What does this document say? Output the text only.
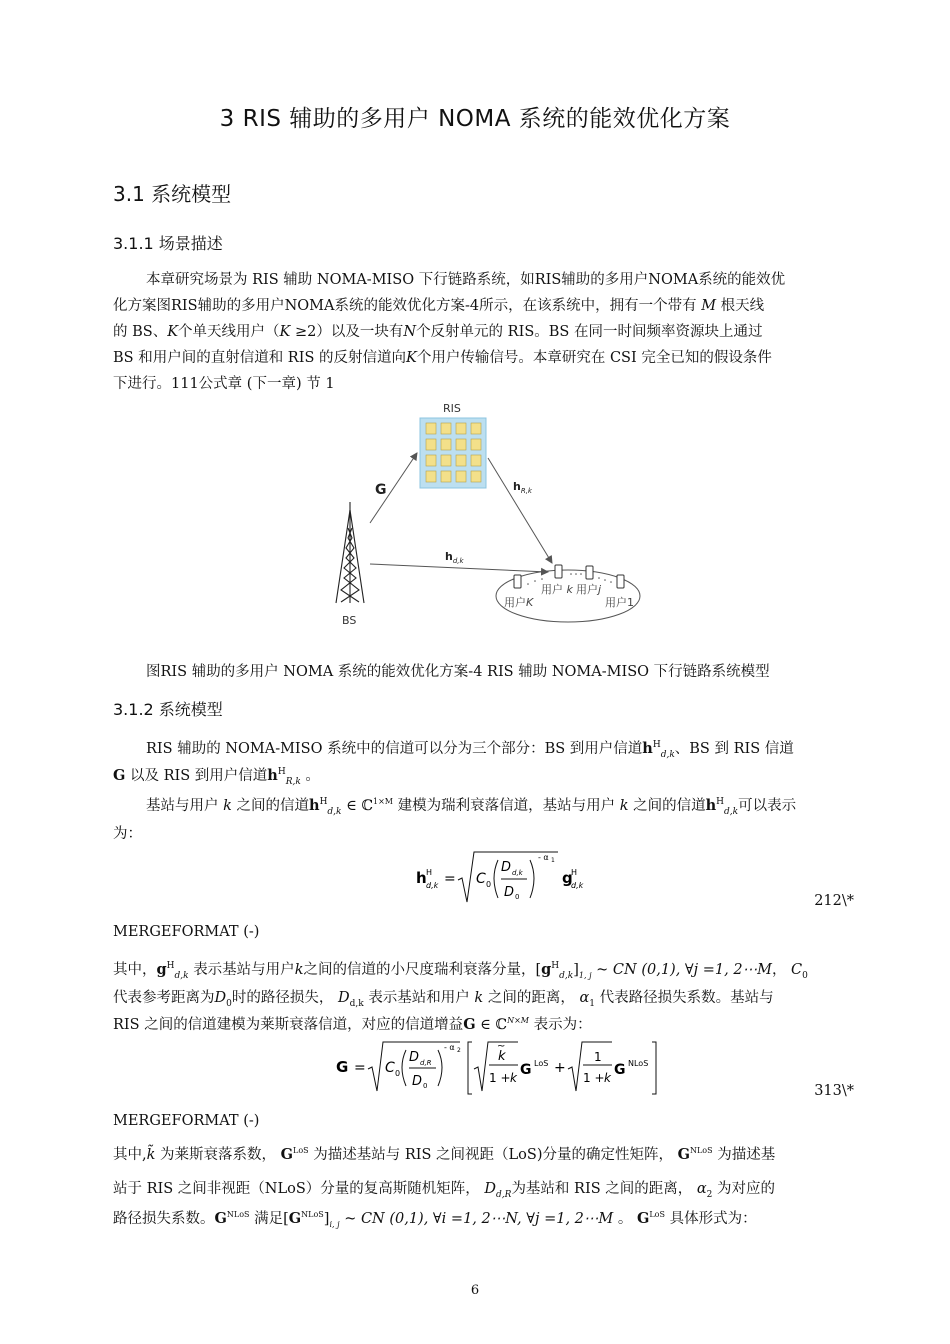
3 RIS 辅助的多用户 NOMA 系统的能效优化方案
3.1 系统模型
3.1.1 场景描述
本章研究场景为 RIS 辅助 NOMA-MISO 下行链路系统，如RIS辅助的多用户NOMA系统的能效优
化方案图RIS辅助的多用户NOMA系统的能效优化方案-4所示，在该系统中，拥有一个带有 M 根天线
的 BS、K个单天线用户（K ≥2）以及一块有N个反射单元的 RIS。BS 在同一时间频率资源块上通过
BS 和用户间的直射信道和 RIS 的反射信道向K个用户传输信号。本章研究在 CSI 完全已知的假设条件
下进行。111公式章 (下一章) 节 1
RIS
BS
G	$h_{R,k}$
$h_{d,k}$
用户 k 用户j
用户K	用户1
图RIS 辅助的多用户 NOMA 系统的能效优化方案-4 RIS 辅助 NOMA-MISO 下行链路系统模型
3.1.2 系统模型
RIS 辅助的 NOMA-MISO 系统中的信道可以分为三个部分：BS 到用户信道$h^H_{d,k}$、BS 到 RIS 信道
G 以及 RIS 到用户信道$h^H_{R,k}$ 。
基站与用户 k 之间的信道$h^H_{d,k}$ ∈ ℂ$^{1\times M}$ 建模为瑞利衰落信道，基站与用户 k 之间的信道$h^H_{d,k}$可以表示
为：
h H
d,k = C 0
D d,k
D 0
- α 1
g
H
d,k
212\*
MERGEFORMAT (-)
其中，$g^H_{d,k}$ 表示基站与用户k之间的信道的小尺度瑞利衰落分量，$[g^H_{d,k}]_{1, j}$ ~ CN (0,1), ∀j =1, 2⋯M， $C_0$
代表参考距离为$D_0$时的路径损失， $D_{d,k}$ 表示基站和用户 k 之间的距离， $\alpha_1$ 代表路径损失系数。基站与
RIS 之间的信道建模为莱斯衰落信道，对应的信道增益G ∈ ℂ$^{N\times M}$ 表示为：
G = C 0
D d,R
D 0
- α 2	k
~
1 + k G LoS +
1
1 + k G NLoS
313\*
MERGEFORMAT (-)
其中,k̃ 为莱斯衰落系数， $G^{LoS}$ 为描述基站与 RIS 之间视距（LoS)分量的确定性矩阵， $G^{NLoS}$ 为描述基
站于 RIS 之间非视距（NLoS）分量的复高斯随机矩阵， $D_{d,R}$为基站和 RIS 之间的距离， $\alpha_2$ 为对应的
路径损失系数。$G^{NLoS}$ 满足$[G^{NLoS}]_{i, j}$ ~ CN (0,1), ∀i =1, 2⋯N, ∀j =1, 2⋯M 。 $G^{LoS}$ 具体形式为：
6
